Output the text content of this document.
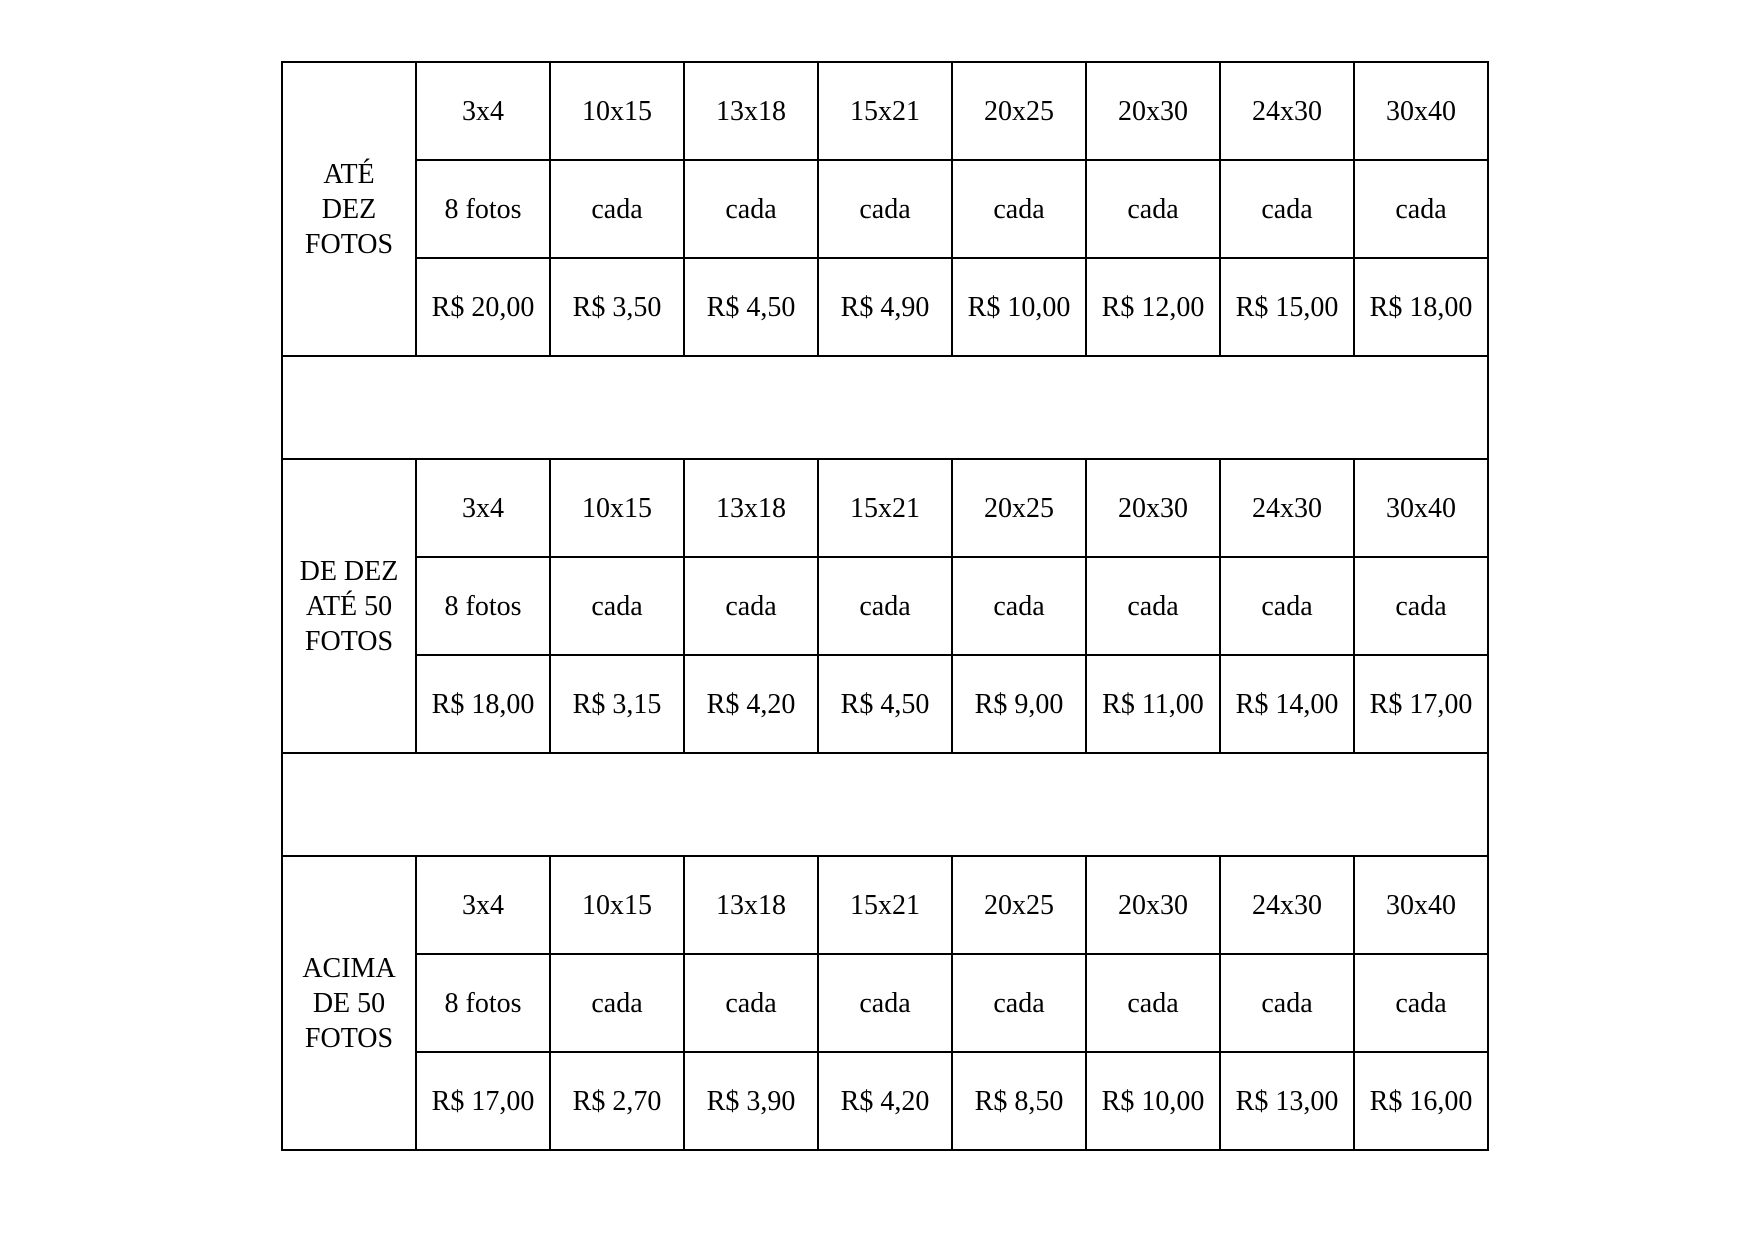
ATÉ
DEZ
FOTOS	3x4	10x15	13x18	15x21	20x25	20x30	24x30	30x40
	8 fotos	cada	cada	cada	cada	cada	cada	cada
	R$ 20,00	R$ 3,50	R$ 4,50	R$ 4,90	R$ 10,00	R$ 12,00	R$ 15,00	R$ 18,00

DE DEZ
ATÉ 50
FOTOS	3x4	10x15	13x18	15x21	20x25	20x30	24x30	30x40
	8 fotos	cada	cada	cada	cada	cada	cada	cada
	R$ 18,00	R$ 3,15	R$ 4,20	R$ 4,50	R$ 9,00	R$ 11,00	R$ 14,00	R$ 17,00

ACIMA
DE 50
FOTOS	3x4	10x15	13x18	15x21	20x25	20x30	24x30	30x40
	8 fotos	cada	cada	cada	cada	cada	cada	cada
	R$ 17,00	R$ 2,70	R$ 3,90	R$ 4,20	R$ 8,50	R$ 10,00	R$ 13,00	R$ 16,00
